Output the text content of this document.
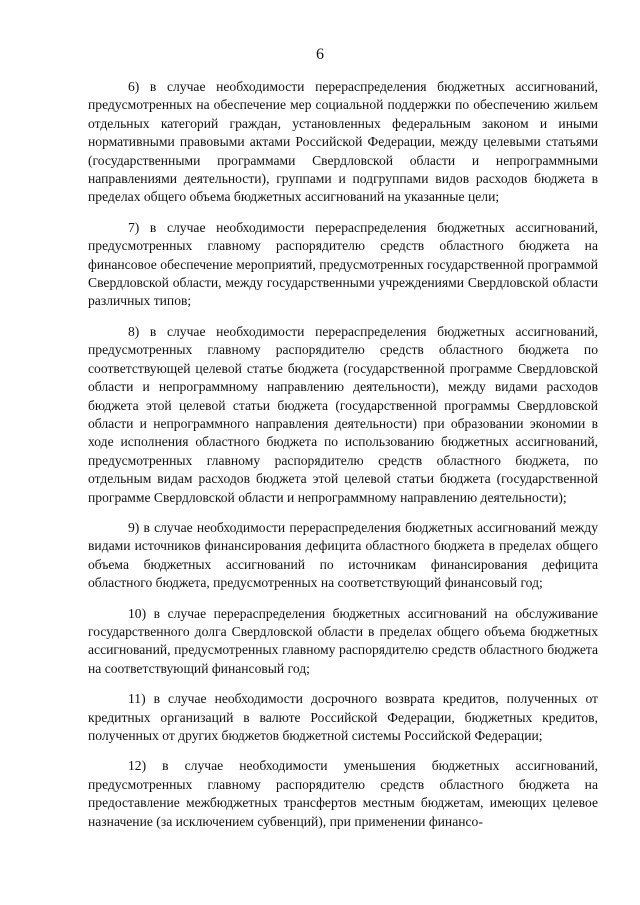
6

6) в случае необходимости перераспределения бюджетных ассигнований, предусмотренных на обеспечение мер социальной поддержки по обеспечению жильем отдельных категорий граждан, установленных федеральным законом и иными нормативными правовыми актами Российской Федерации, между целевыми статьями (государственными программами Свердловской области и непрограммными направлениями деятельности), группами и подгруппами видов расходов бюджета в пределах общего объема бюджетных ассигнований на указанные цели;

7) в случае необходимости перераспределения бюджетных ассигнований, предусмотренных главному распорядителю средств областного бюджета на финансовое обеспечение мероприятий, предусмотренных государственной программой Свердловской области, между государственными учреждениями Свердловской области различных типов;

8) в случае необходимости перераспределения бюджетных ассигнований, предусмотренных главному распорядителю средств областного бюджета по соответствующей целевой статье бюджета (государственной программе Свердловской области и непрограммному направлению деятельности), между видами расходов бюджета этой целевой статьи бюджета (государственной программы Свердловской области и непрограммного направления деятельности) при образовании экономии в ходе исполнения областного бюджета по использованию бюджетных ассигнований, предусмотренных главному распорядителю средств областного бюджета, по отдельным видам расходов бюджета этой целевой статьи бюджета (государственной программе Свердловской области и непрограммному направлению деятельности);

9) в случае необходимости перераспределения бюджетных ассигнований между видами источников финансирования дефицита областного бюджета в пределах общего объема бюджетных ассигнований по источникам финансирования дефицита областного бюджета, предусмотренных на соответствующий финансовый год;

10) в случае перераспределения бюджетных ассигнований на обслуживание государственного долга Свердловской области в пределах общего объема бюджетных ассигнований, предусмотренных главному распорядителю средств областного бюджета на соответствующий финансовый год;

11) в случае необходимости досрочного возврата кредитов, полученных от кредитных организаций в валюте Российской Федерации, бюджетных кредитов, полученных от других бюджетов бюджетной системы Российской Федерации;

12) в случае необходимости уменьшения бюджетных ассигнований, предусмотренных главному распорядителю средств областного бюджета на предоставление межбюджетных трансфертов местным бюджетам, имеющих целевое назначение (за исключением субвенций), при применении финансо-
